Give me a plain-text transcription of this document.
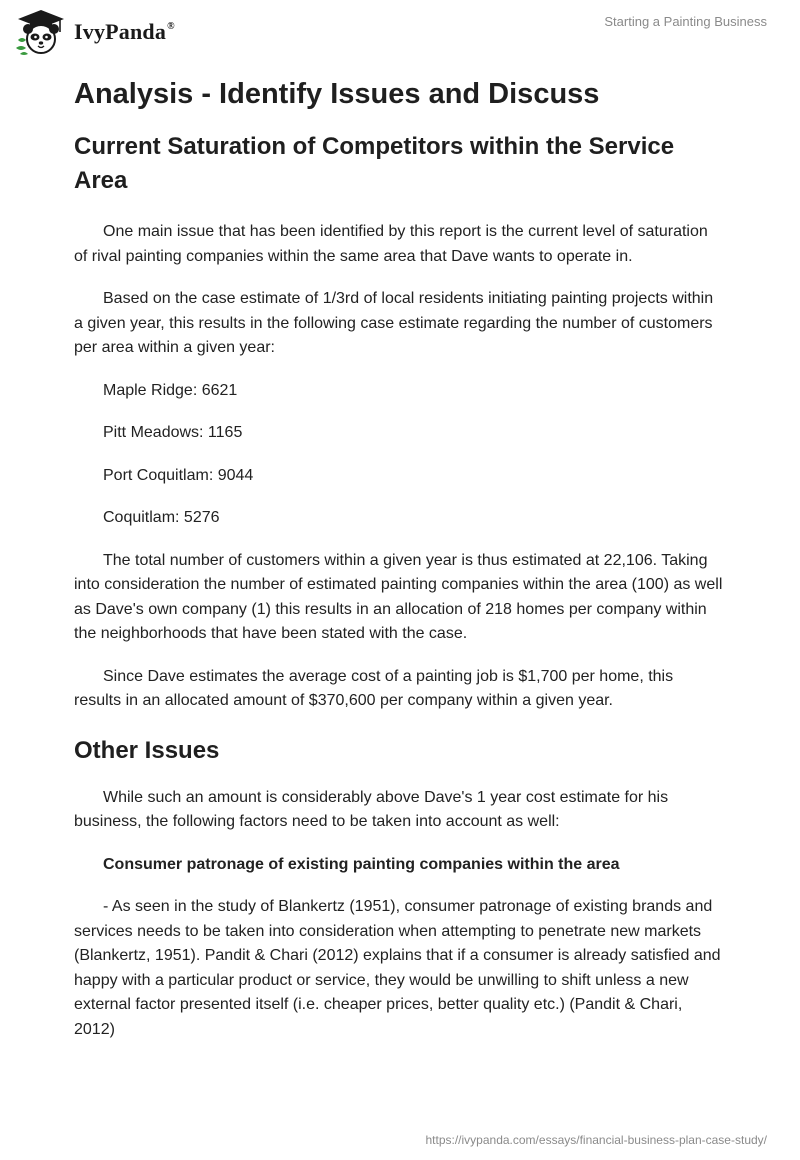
IvyPanda®	Starting a Painting Business
Analysis - Identify Issues and Discuss
Current Saturation of Competitors within the Service Area

One main issue that has been identified by this report is the current level of saturation of rival painting companies within the same area that Dave wants to operate in.

Based on the case estimate of 1/3rd of local residents initiating painting projects within a given year, this results in the following case estimate regarding the number of customers per area within a given year:

Maple Ridge: 6621

Pitt Meadows: 1165

Port Coquitlam: 9044

Coquitlam: 5276

The total number of customers within a given year is thus estimated at 22,106. Taking into consideration the number of estimated painting companies within the area (100) as well as Dave's own company (1) this results in an allocation of 218 homes per company within the neighborhoods that have been stated with the case.

Since Dave estimates the average cost of a painting job is $1,700 per home, this results in an allocated amount of $370,600 per company within a given year.

Other Issues

While such an amount is considerably above Dave's 1 year cost estimate for his business, the following factors need to be taken into account as well:

Consumer patronage of existing painting companies within the area

- As seen in the study of Blankertz (1951), consumer patronage of existing brands and services needs to be taken into consideration when attempting to penetrate new markets (Blankertz, 1951). Pandit & Chari (2012) explains that if a consumer is already satisfied and happy with a particular product or service, they would be unwilling to shift unless a new external factor presented itself (i.e. cheaper prices, better quality etc.) (Pandit & Chari, 2012)

https://ivypanda.com/essays/financial-business-plan-case-study/
